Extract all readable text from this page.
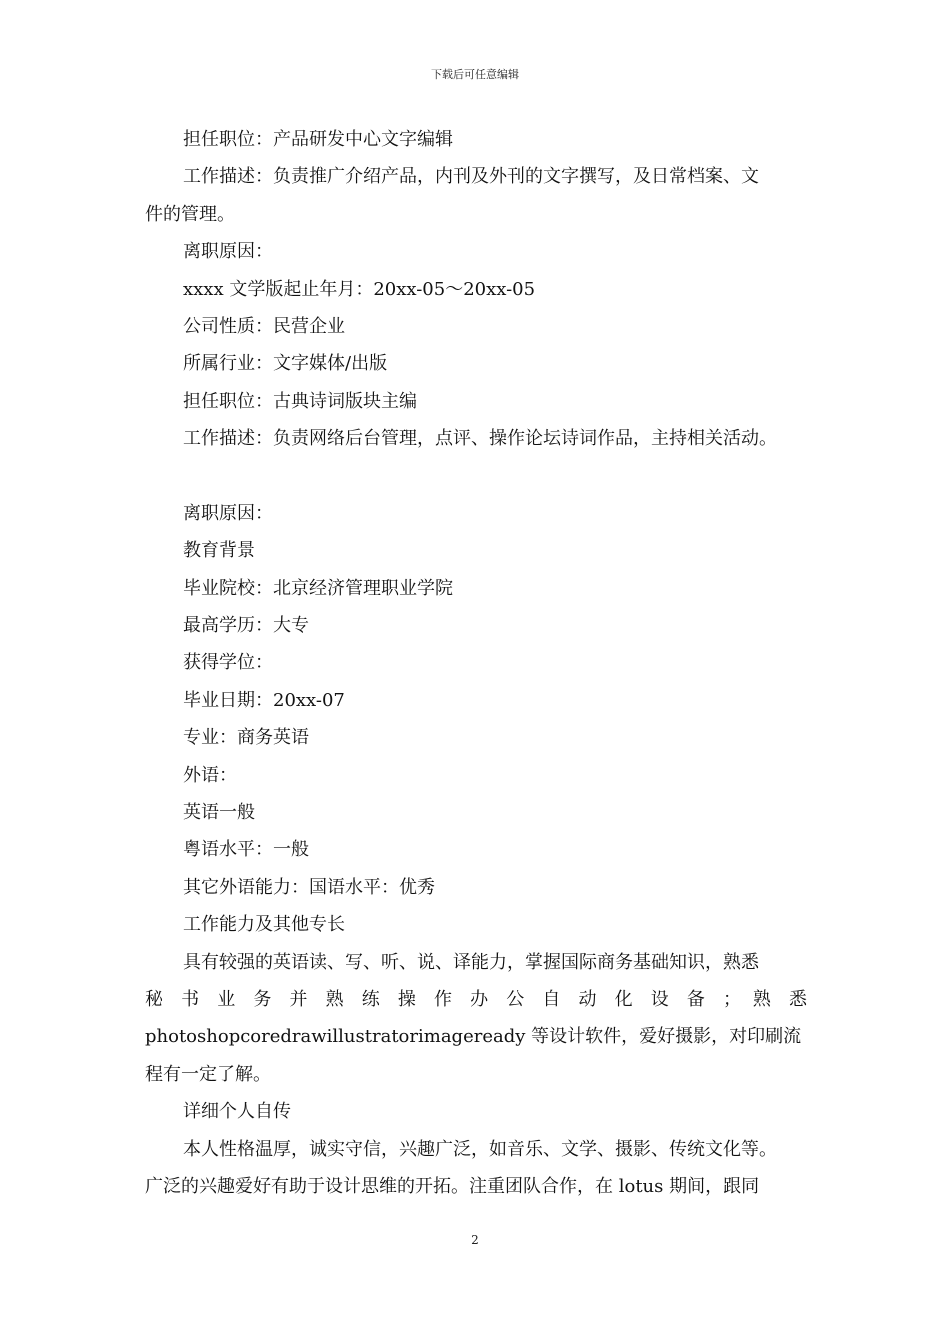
下载后可任意编辑
担任职位：产品研发中心文字编辑
工作描述：负责推广介绍产品，内刊及外刊的文字撰写，及日常档案、文
件的管理。
离职原因：
xxxx 文学版起止年月：20xx-05～20xx-05
公司性质：民营企业
所属行业：文字媒体/出版
担任职位：古典诗词版块主编
工作描述：负责网络后台管理，点评、操作论坛诗词作品，主持相关活动。
离职原因：
教育背景
毕业院校：北京经济管理职业学院
最高学历：大专
获得学位：
毕业日期：20xx-07
专业：商务英语
外语：
英语一般
粤语水平：一般
其它外语能力：国语水平：优秀
工作能力及其他专长
具有较强的英语读、写、听、说、译能力，掌握国际商务基础知识，熟悉
秘 书 业 务 并 熟 练 操 作 办 公 自 动 化 设 备 ； 熟 悉
photoshopcoredrawillustratorimageready 等设计软件，爱好摄影，对印刷流
程有一定了解。
详细个人自传
本人性格温厚，诚实守信，兴趣广泛，如音乐、文学、摄影、传统文化等。
广泛的兴趣爱好有助于设计思维的开拓。注重团队合作，在 lotus 期间，跟同
2
